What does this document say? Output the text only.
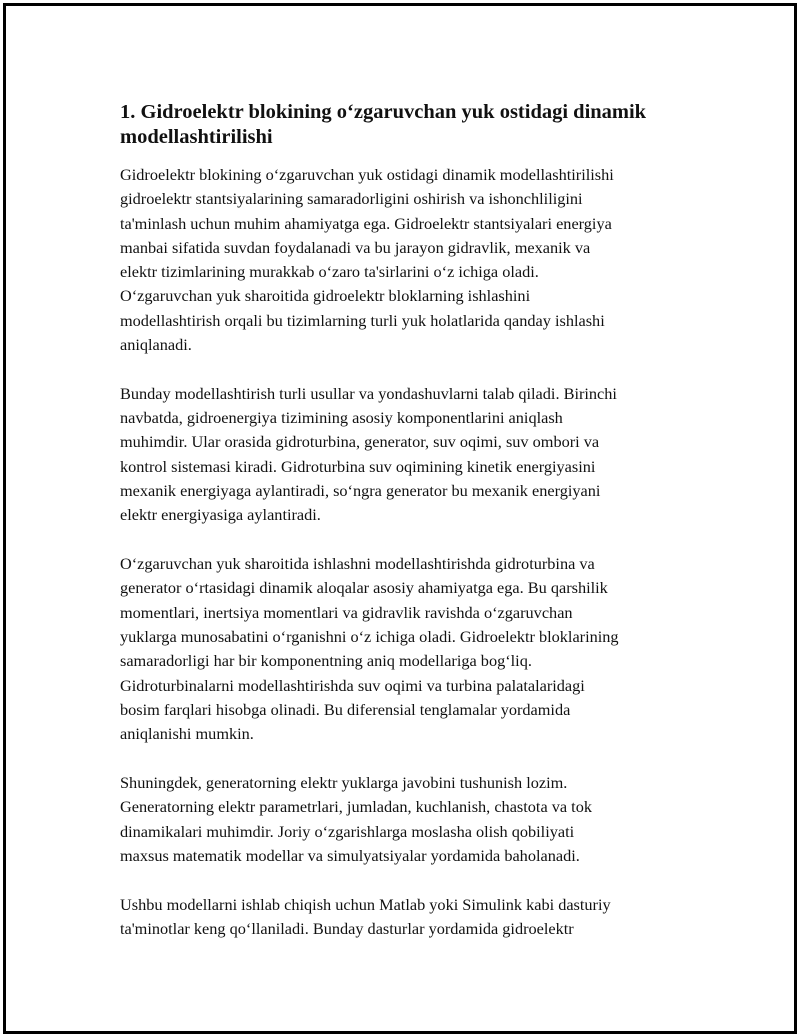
1. Gidroelektr blokining o‘zgaruvchan yuk ostidagi dinamik
modellashtirilishi

Gidroelektr blokining o‘zgaruvchan yuk ostidagi dinamik modellashtirilishi
gidroelektr stantsiyalarining samaradorligini oshirish va ishonchliligini
ta'minlash uchun muhim ahamiyatga ega. Gidroelektr stantsiyalari energiya
manbai sifatida suvdan foydalanadi va bu jarayon gidravlik, mexanik va
elektr tizimlarining murakkab o‘zaro ta'sirlarini o‘z ichiga oladi.
O‘zgaruvchan yuk sharoitida gidroelektr bloklarning ishlashini
modellashtirish orqali bu tizimlarning turli yuk holatlarida qanday ishlashi
aniqlanadi.

Bunday modellashtirish turli usullar va yondashuvlarni talab qiladi. Birinchi
navbatda, gidroenergiya tizimining asosiy komponentlarini aniqlash
muhimdir. Ular orasida gidroturbina, generator, suv oqimi, suv ombori va
kontrol sistemasi kiradi. Gidroturbina suv oqimining kinetik energiyasini
mexanik energiyaga aylantiradi, so‘ngra generator bu mexanik energiyani
elektr energiyasiga aylantiradi.

O‘zgaruvchan yuk sharoitida ishlashni modellashtirishda gidroturbina va
generator o‘rtasidagi dinamik aloqalar asosiy ahamiyatga ega. Bu qarshilik
momentlari, inertsiya momentlari va gidravlik ravishda o‘zgaruvchan
yuklarga munosabatini o‘rganishni o‘z ichiga oladi. Gidroelektr bloklarining
samaradorligi har bir komponentning aniq modellariga bog‘liq.
Gidroturbinalarni modellashtirishda suv oqimi va turbina palatalaridagi
bosim farqlari hisobga olinadi. Bu diferensial tenglamalar yordamida
aniqlanishi mumkin.

Shuningdek, generatorning elektr yuklarga javobini tushunish lozim.
Generatorning elektr parametrlari, jumladan, kuchlanish, chastota va tok
dinamikalari muhimdir. Joriy o‘zgarishlarga moslasha olish qobiliyati
maxsus matematik modellar va simulyatsiyalar yordamida baholanadi.

Ushbu modellarni ishlab chiqish uchun Matlab yoki Simulink kabi dasturiy
ta'minotlar keng qo‘llaniladi. Bunday dasturlar yordamida gidroelektr
